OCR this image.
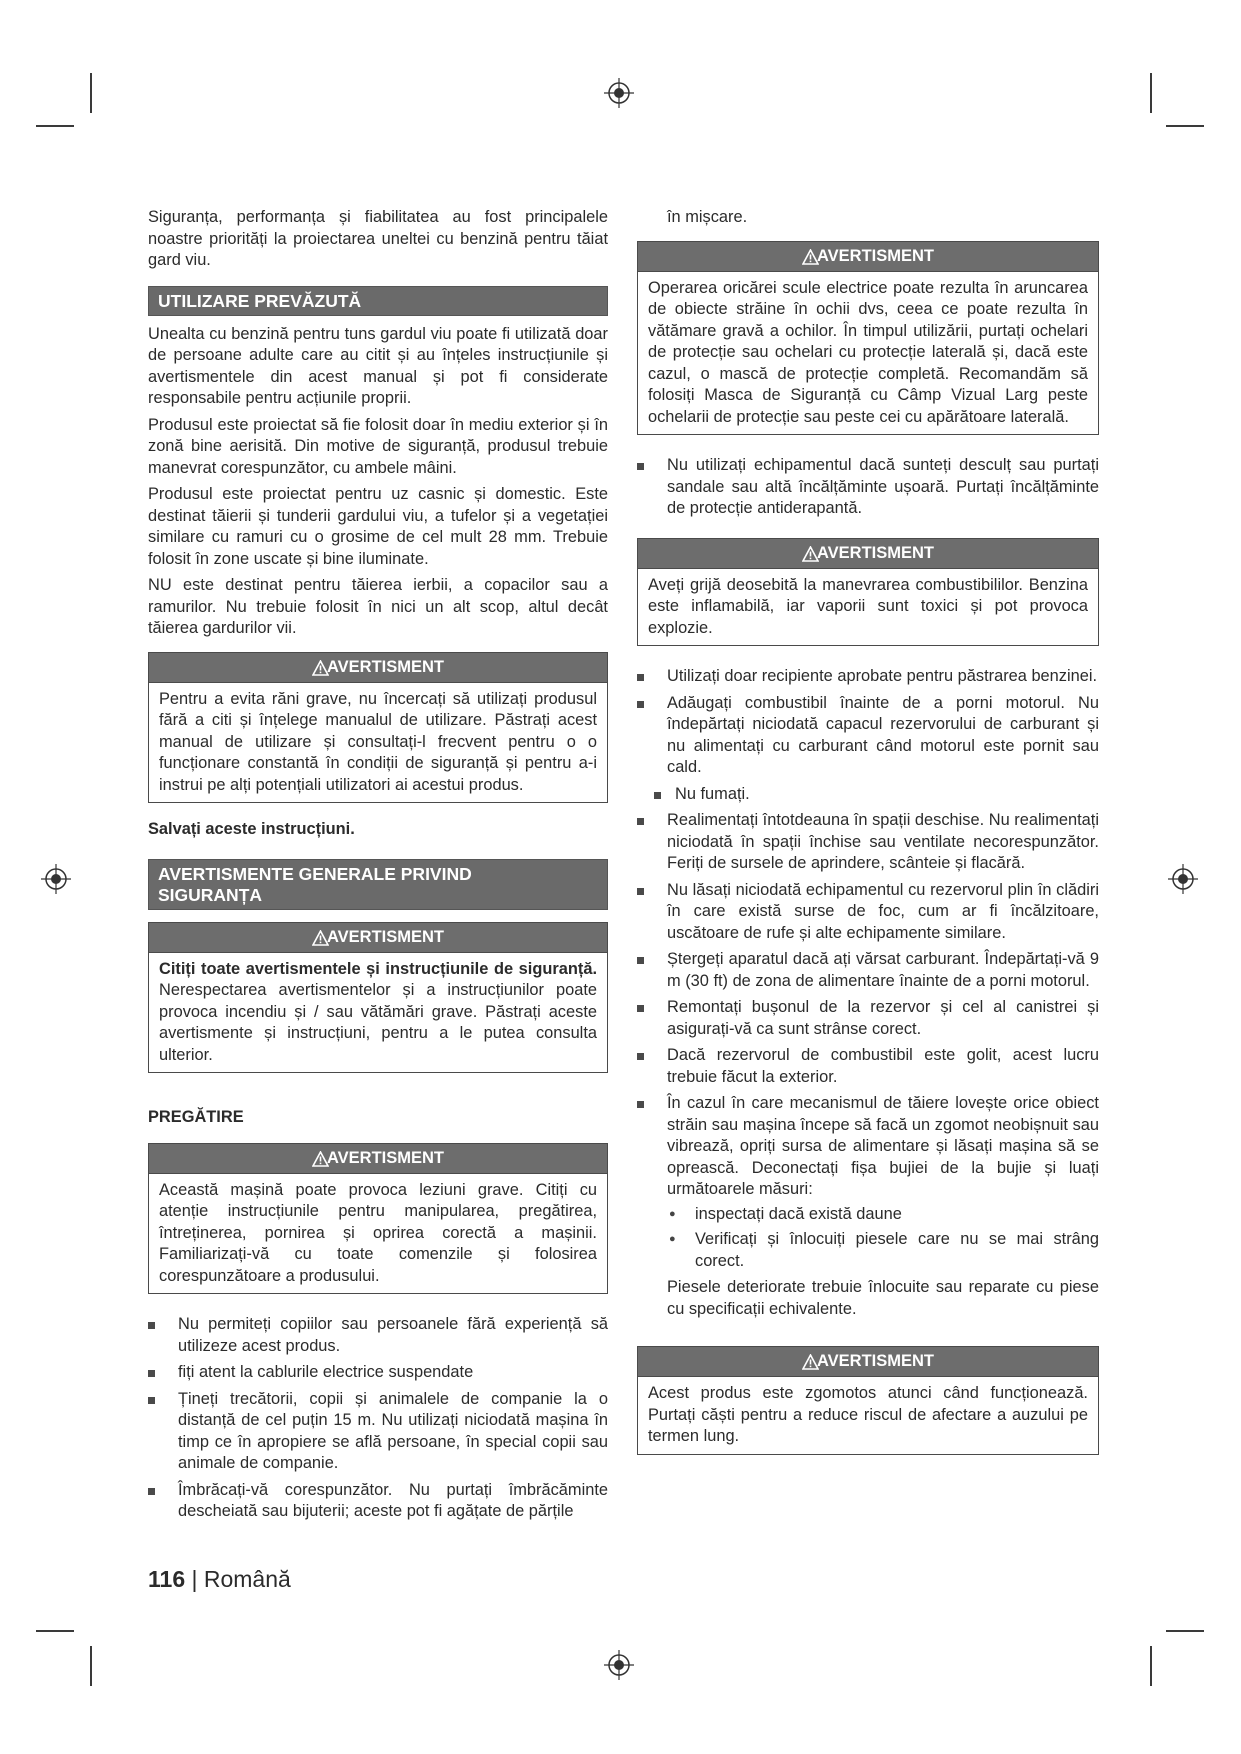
Siguranța, performanța și fiabilitatea au fost principalele noastre priorități la proiectarea uneltei cu benzină pentru tăiat gard viu.

UTILIZARE PREVĂZUTĂ

Unealta cu benzină pentru tuns gardul viu poate fi utilizată doar de persoane adulte care au citit și au înțeles instrucțiunile și avertismentele din acest manual și pot fi considerate responsabile pentru acțiunile proprii.

Produsul este proiectat să fie folosit doar în mediu exterior și în zonă bine aerisită. Din motive de siguranță, produsul trebuie manevrat corespunzător, cu ambele mâini.

Produsul este proiectat pentru uz casnic și domestic. Este destinat tăierii și tunderii gardului viu, a tufelor și a vegetației similare cu ramuri cu o grosime de cel mult 28 mm. Trebuie folosit în zone uscate și bine iluminate.

NU este destinat pentru tăierea ierbii, a copacilor sau a ramurilor. Nu trebuie folosit în nici un alt scop, altul decât tăierea gardurilor vii.

AVERTISMENT

Pentru a evita răni grave, nu încercați să utilizați produsul fără a citi și înțelege manualul de utilizare. Păstrați acest manual de utilizare și consultați-l frecvent pentru o o funcționare constantă în condiții de siguranță și pentru a-i instrui pe alți potențiali utilizatori ai acestui produs.

Salvați aceste instrucțiuni.
AVERTISMENTE GENERALE PRIVIND
SIGURANȚA
AVERTISMENT

Citiți toate avertismentele și instrucțiunile de siguranță. Nerespectarea avertismentelor și a instrucțiunilor poate provoca incendiu și / sau vătămări grave. Păstrați aceste avertismente și instrucțiuni, pentru a le putea consulta ulterior.

PREGĂTIRE
AVERTISMENT

Această mașină poate provoca leziuni grave. Citiți cu atenție instrucțiunile pentru manipularea, pregătirea, întreținerea, pornirea și oprirea corectă a mașinii. Familiarizați-vă cu toate comenzile și folosirea corespunzătoare a produsului.

Nu permiteți copiilor sau persoanele fără experiență să utilizeze acest produs.
fiți atent la cablurile electrice suspendate
Țineți trecătorii, copii și animalele de companie la o distanță de cel puțin 15 m. Nu utilizați niciodată mașina în timp ce în apropiere se află persoane, în special copii sau animale de companie.
Îmbrăcați-vă corespunzător. Nu purtați îmbrăcăminte descheiată sau bijuterii; aceste pot fi agățate de părțile

în mișcare.

AVERTISMENT

Operarea oricărei scule electrice poate rezulta în aruncarea de obiecte străine în ochii dvs, ceea ce poate rezulta în vătămare gravă a ochilor. În timpul utilizării, purtați ochelari de protecție sau ochelari cu protecție laterală și, dacă este cazul, o mască de protecție completă. Recomandăm să folosiți Masca de Siguranță cu Câmp Vizual Larg peste ochelarii de protecție sau peste cei cu apărătoare laterală.

Nu utilizați echipamentul dacă sunteți desculț sau purtați sandale sau altă încălțăminte ușoară. Purtați încălțăminte de protecție antiderapantă.
AVERTISMENT

Aveți grijă deosebită la manevrarea combustibililor. Benzina este inflamabilă, iar vaporii sunt toxici și pot provoca explozie.

Utilizați doar recipiente aprobate pentru păstrarea benzinei.
Adăugați combustibil înainte de a porni motorul. Nu îndepărtați niciodată capacul rezervorului de carburant și nu alimentați cu carburant când motorul este pornit sau cald.
Nu fumați.
Realimentați întotdeauna în spații deschise. Nu realimentați niciodată în spații închise sau ventilate necorespunzător. Feriți de sursele de aprindere, scânteie și flacără.
Nu lăsați niciodată echipamentul cu rezervorul plin în clădiri în care există surse de foc, cum ar fi încălzitoare, uscătoare de rufe și alte echipamente similare.
Ștergeți aparatul dacă ați vărsat carburant. Îndepărtați-vă 9 m (30 ft) de zona de alimentare înainte de a porni motorul.
Remontați bușonul de la rezervor și cel al canistrei și asigurați-vă ca sunt strânse corect.
Dacă rezervorul de combustibil este golit, acest lucru trebuie făcut la exterior.
În cazul în care mecanismul de tăiere lovește orice obiect străin sau mașina începe să facă un zgomot neobișnuit sau vibrează, opriți sursa de alimentare și lăsați mașina să se oprească. Deconectați fișa bujiei de la bujie și luați următoarele măsuri:
● inspectați dacă există daune
● Verificați și înlocuiți piesele care nu se mai strâng corect.

Piesele deteriorate trebuie înlocuite sau reparate cu piese cu specificații echivalente.

AVERTISMENT

Acest produs este zgomotos atunci când funcționează. Purtați căști pentru a reduce riscul de afectare a auzului pe termen lung.

116 | Română
